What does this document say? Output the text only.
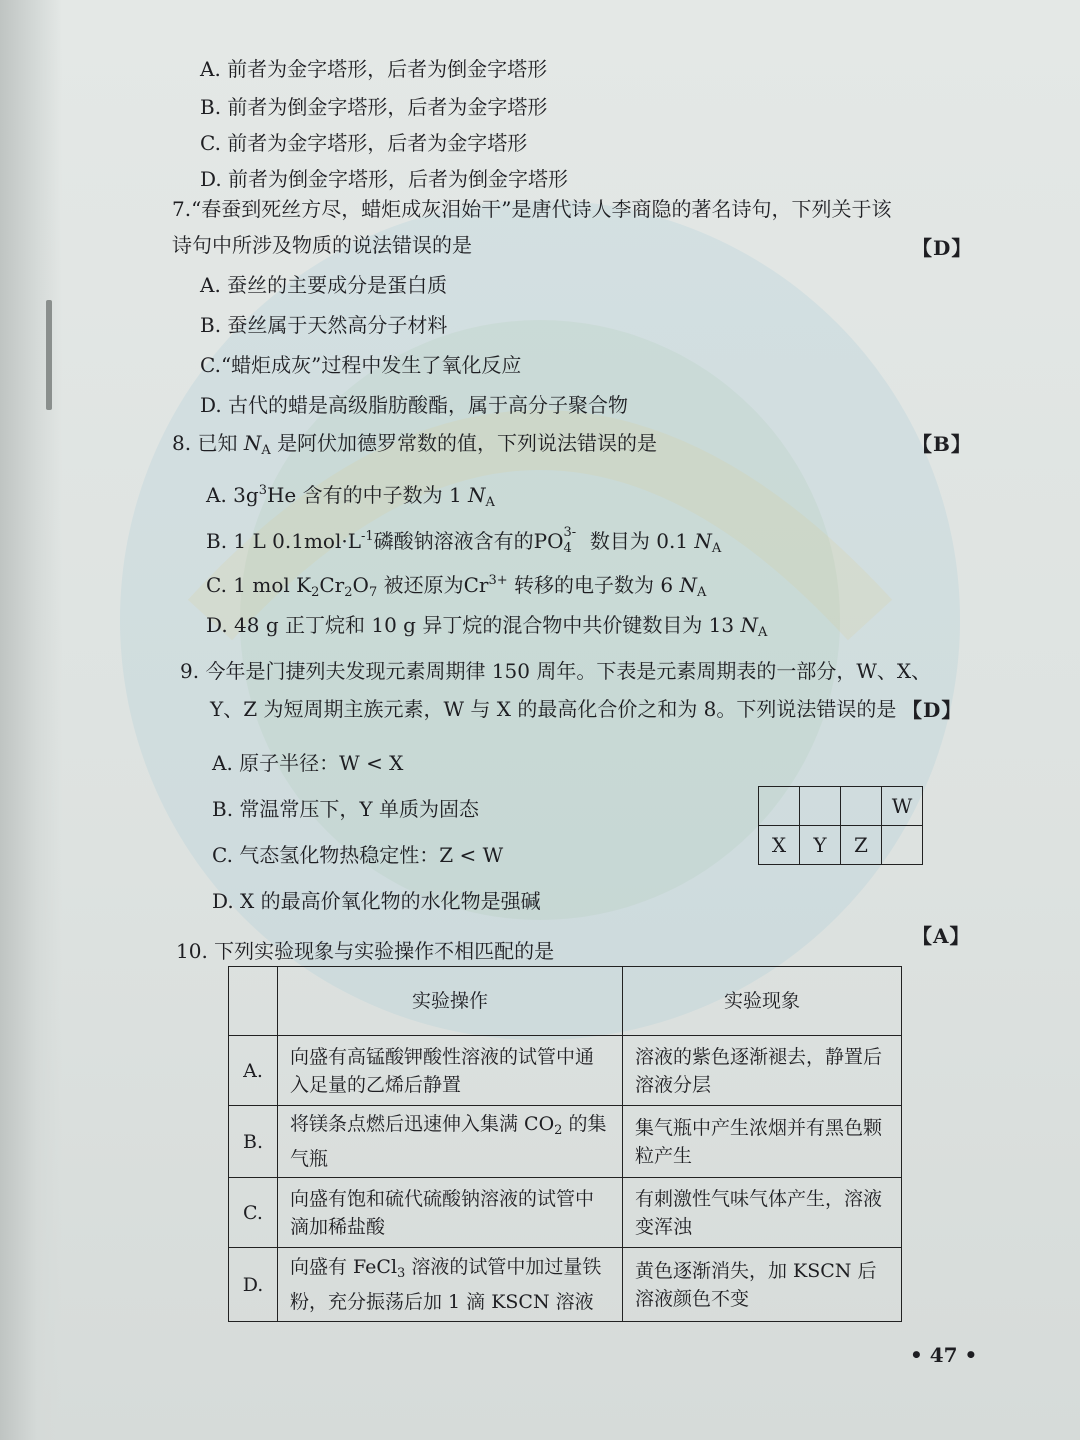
A. 前者为金字塔形，后者为倒金字塔形
B. 前者为倒金字塔形，后者为金字塔形
C. 前者为金字塔形，后者为金字塔形
D. 前者为倒金字塔形，后者为倒金字塔形
7.“春蚕到死丝方尽，蜡炬成灰泪始干”是唐代诗人李商隐的著名诗句，下列关于该
诗句中所涉及物质的说法错误的是	【D】
A. 蚕丝的主要成分是蛋白质
B. 蚕丝属于天然高分子材料
C.“蜡炬成灰”过程中发生了氧化反应
D. 古代的蜡是高级脂肪酸酯，属于高分子聚合物
8. 已知 $N_A$ 是阿伏加德罗常数的值，下列说法错误的是	【B】
A. $3g^3He$ 含有的中子数为 1 $N_A$
B. 1 L $0.1mol\cdot L^{-1}$磷酸钠溶液含有的PO 3-
4 数目为 0.1 $N_A$
C. 1 mol $K_2Cr_2O_7$ 被还原为$Cr^{3+}$ 转移的电子数为 6 $N_A$
D. 48 g 正丁烷和 10 g 异丁烷的混合物中共价键数目为 13 $N_A$
9. 今年是门捷列夫发现元素周期律 150 周年。下表是元素周期表的一部分，W、X、
Y、Z 为短周期主族元素，W 与 X 的最高化合价之和为 8。下列说法错误的是 【D】
A. 原子半径：W < X
B. 常温常压下，Y 单质为固态
C. 气态氢化物热稳定性：Z < W
D. X 的最高价氧化物的水化物是强碱
			W	
X	Y	Z		
10. 下列实验现象与实验操作不相匹配的是
【A】
	实验操作	实验现象
A.	向盛有高锰酸钾酸性溶液的试管中通入足量的乙烯后静置	溶液的紫色逐渐褪去，静置后溶液分层
B.	将镁条点燃后迅速伸入集满 $CO_2$ 的集气瓶	集气瓶中产生浓烟并有黑色颗粒产生
C.	向盛有饱和硫代硫酸钠溶液的试管中滴加稀盐酸	有刺激性气味气体产生，溶液变浑浊
D.	向盛有 FeCl$_3$ 溶液的试管中加过量铁粉，充分振荡后加 1 滴 KSCN 溶液	黄色逐渐消失，加 KSCN 后溶液颜色不变
• 47 •
